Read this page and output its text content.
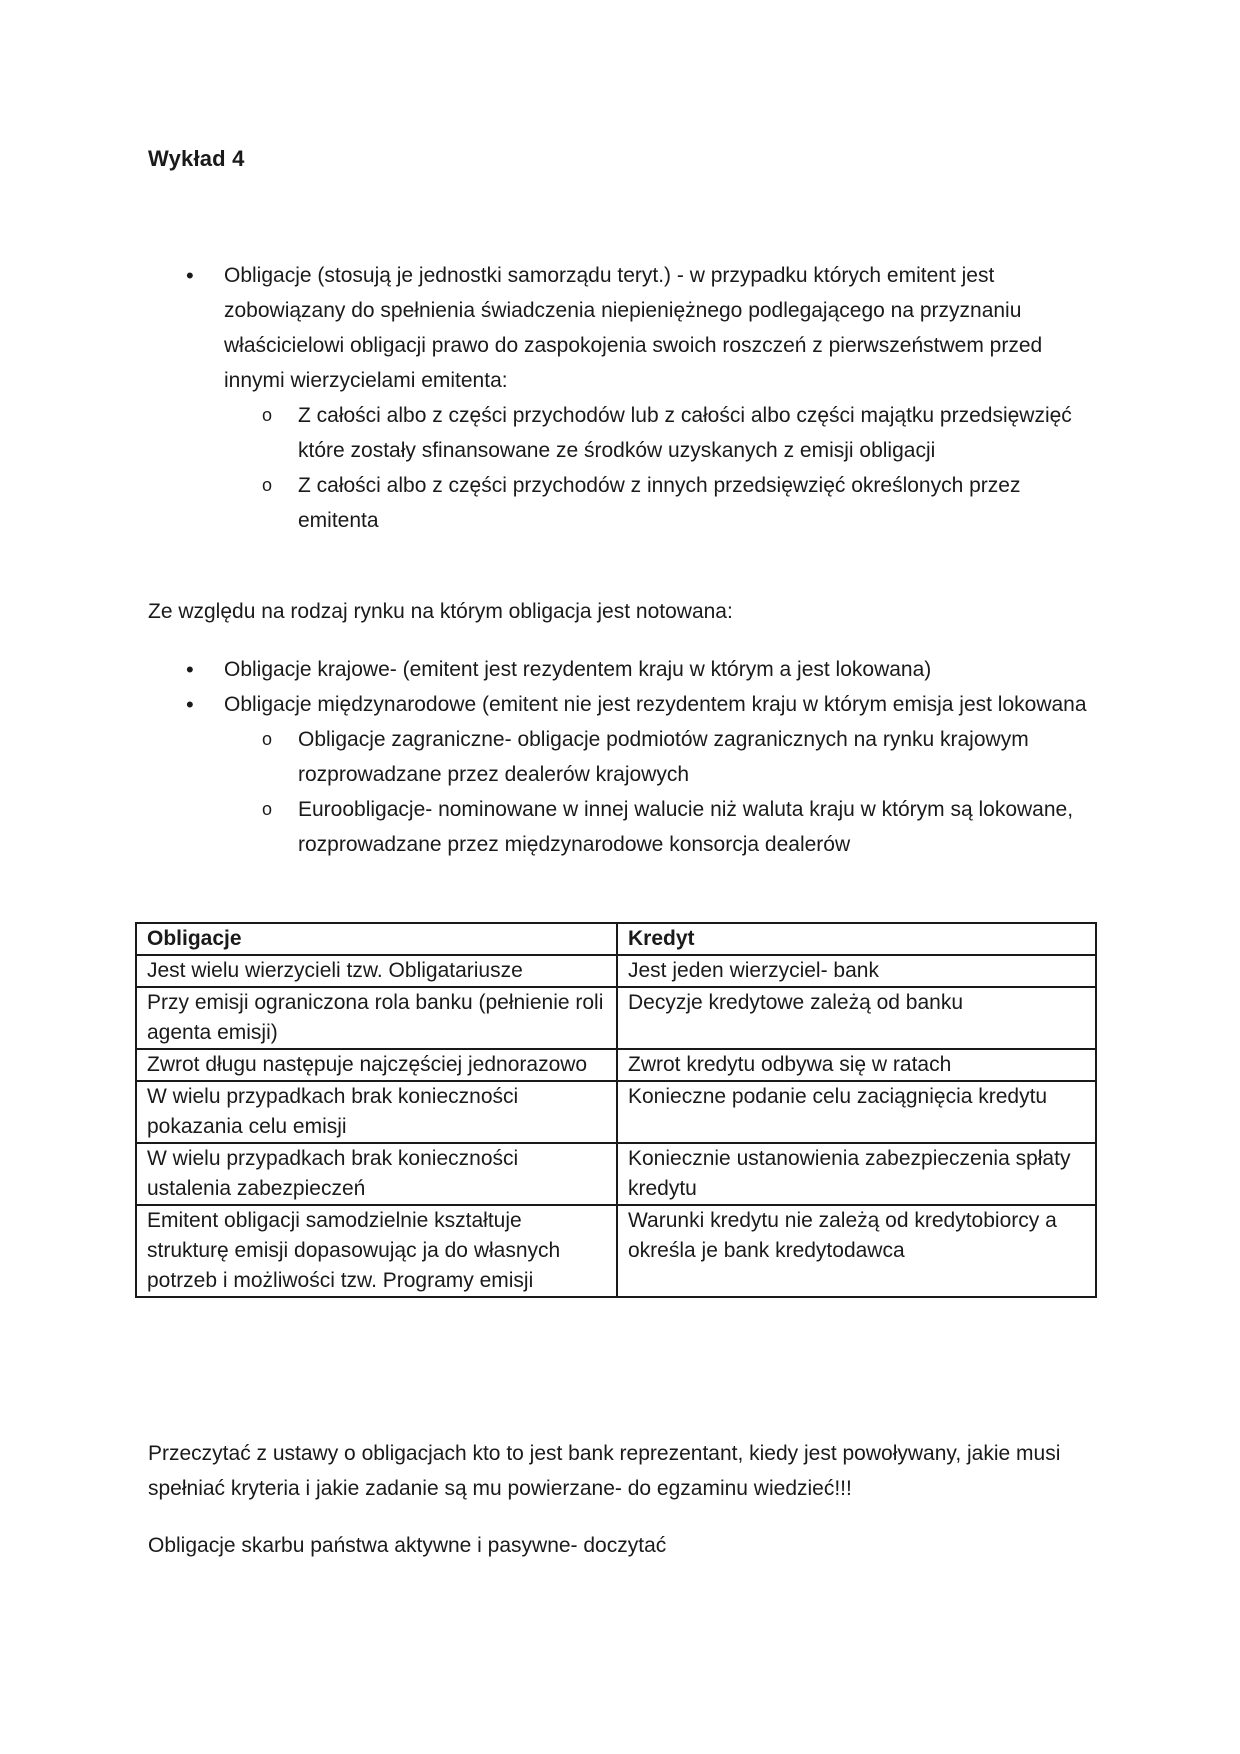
Wykład 4
•	Obligacje (stosują je jednostki samorządu teryt.) - w przypadku których emitent jest zobowiązany do spełnienia świadczenia niepieniężnego podlegającego na przyznaniu właścicielowi obligacji prawo do zaspokojenia swoich roszczeń z pierwszeństwem przed innymi wierzycielami emitenta:
o	Z całości albo z części przychodów lub z całości albo części majątku przedsięwzięć które zostały sfinansowane ze środków uzyskanych z emisji obligacji
o	Z całości albo z części przychodów z innych przedsięwzięć określonych przez emitenta

Ze względu na rodzaj rynku na którym obligacja jest notowana:

•	Obligacje krajowe- (emitent jest rezydentem kraju w którym a jest lokowana)
•	Obligacje międzynarodowe (emitent nie jest rezydentem kraju w którym emisja jest lokowana
o	Obligacje zagraniczne- obligacje podmiotów zagranicznych na rynku krajowym rozprowadzane przez dealerów krajowych
o	Euroobligacje- nominowane w innej walucie niż waluta kraju w którym są lokowane, rozprowadzane przez międzynarodowe konsorcja dealerów
Obligacje	Kredyt
Jest wielu wierzycieli tzw. Obligatariusze	Jest jeden wierzyciel- bank
Przy emisji ograniczona rola banku (pełnienie roli agenta emisji)	Decyzje kredytowe zależą od banku
Zwrot długu następuje najczęściej jednorazowo	Zwrot kredytu odbywa się w ratach
W wielu przypadkach brak konieczności pokazania celu emisji	Konieczne podanie celu zaciągnięcia kredytu
W wielu przypadkach brak konieczności ustalenia zabezpieczeń	Koniecznie ustanowienia zabezpieczenia spłaty kredytu
Emitent obligacji samodzielnie kształtuje strukturę emisji dopasowując ja do własnych potrzeb i możliwości tzw. Programy emisji	Warunki kredytu nie zależą od kredytobiorcy a określa je bank kredytodawca

Przeczytać z ustawy o obligacjach kto to jest bank reprezentant, kiedy jest powoływany, jakie musi spełniać kryteria i jakie zadanie są mu powierzane- do egzaminu wiedzieć!!!

Obligacje skarbu państwa aktywne i pasywne- doczytać
